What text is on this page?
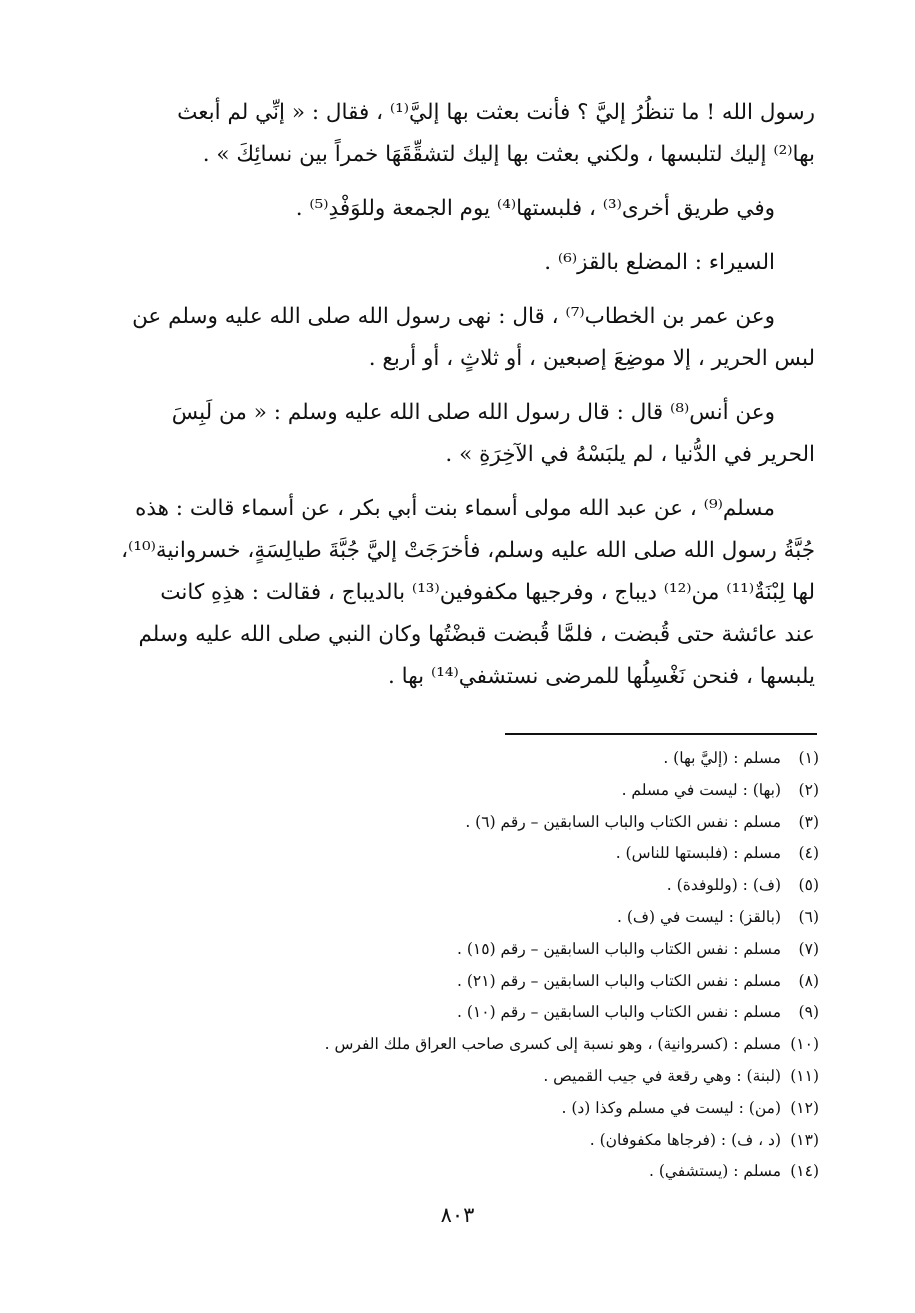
رسول الله ! ما تنظُرُ إليَّ ؟ فأنت بعثت بها إليَّ⁽¹⁾ ، فقال : « إنِّي لم أبعث
بها⁽²⁾ إليك لتلبسها ، ولكني بعثت بها إليك لتشقِّقَهَا خمراً بين نسائِكَ » .

وفي طريق أخرى⁽³⁾ ، فلبستها⁽⁴⁾ يوم الجمعة وللوَفْدِ⁽⁵⁾ .

السيراء : المضلع بالقز⁽⁶⁾ .

وعن عمر بن الخطاب⁽⁷⁾ ، قال : نهى رسول الله صلى الله عليه وسلم عن
لبس الحرير ، إلا موضِعَ إصبعين ، أو ثلاثٍ ، أو أربع .

وعن أنس⁽⁸⁾ قال : قال رسول الله صلى الله عليه وسلم : « من لَبِسَ
الحرير في الدُّنيا ، لم يلبَسْهُ في الآخِرَةِ » .

مسلم⁽⁹⁾ ، عن عبد الله مولى أسماء بنت أبي بكر ، عن أسماء قالت : هذه
جُبَّةُ رسول الله صلى الله عليه وسلم، فأخرَجَتْ إليَّ جُبَّةَ طيالِسَةٍ، خسروانية⁽¹⁰⁾،
لها لِبْنَةٌ⁽¹¹⁾ من⁽¹²⁾ ديباج ، وفرجيها مكفوفين⁽¹³⁾ بالديباج ، فقالت : هذِهِ كانت
عند عائشة حتى قُبضت ، فلمَّا قُبضت قبضْتُها وكان النبي صلى الله عليه وسلم
يلبسها ، فنحن نَغْسِلُها للمرضى نستشفي⁽¹⁴⁾ بها .

(١)
مسلم : (إليَّ بها) .
(٢)
(بها) : ليست في مسلم .
(٣)
مسلم : نفس الكتاب والباب السابقين – رقم (٦) .
(٤)
مسلم : (فلبستها للناس) .
(٥)
(ف) : (وللوفدة) .
(٦)
(بالقز) : ليست في (ف) .
(٧)
مسلم : نفس الكتاب والباب السابقين – رقم (١٥) .
(٨)
مسلم : نفس الكتاب والباب السابقين – رقم (٢١) .
(٩)
مسلم : نفس الكتاب والباب السابقين – رقم (١٠) .
(١٠)
مسلم : (كسروانية) ، وهو نسبة إلى كسرى صاحب العراق ملك الفرس .
(١١)
(لبنة) : وهي رقعة في جيب القميص .
(١٢)
(من) : ليست في مسلم وكذا (د) .
(١٣)
(د ، ف) : (فرجاها مكفوفان) .
(١٤)
مسلم : (يستشفي) .
٨٠٣
